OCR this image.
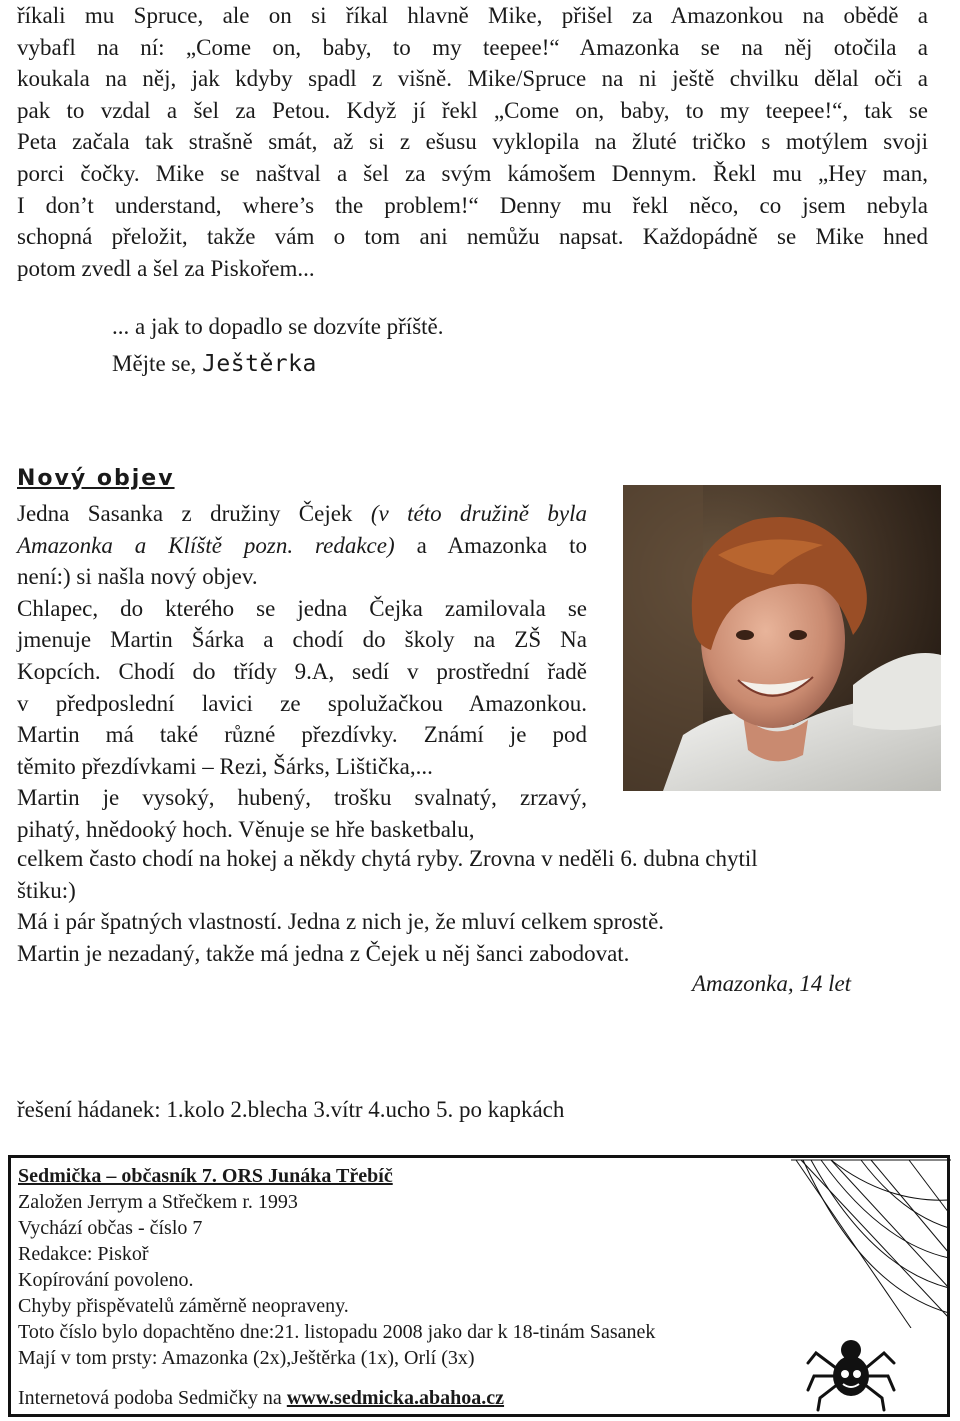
říkali mu Spruce, ale on si říkal hlavně Mike, přišel za Amazonkou na obědě a
vybafl na ní: „Come on, baby, to my teepee!“ Amazonka se na něj otočila a
koukala na něj, jak kdyby spadl z višně. Mike/Spruce na ni ještě chvilku dělal oči a
pak to vzdal a šel za Petou. Když jí řekl „Come on, baby, to my teepee!“, tak se
Peta začala tak strašně smát, až si z ešusu vyklopila na žluté tričko s motýlem svoji
porci čočky. Mike se naštval a šel za svým kámošem Dennym. Řekl mu „Hey man,
I don’t understand, where’s the problem!“ Denny mu řekl něco, co jsem nebyla
schopná přeložit, takže vám o tom ani nemůžu napsat. Každopádně se Mike hned
potom zvedl a šel za Piskořem...
... a jak to dopadlo se dozvíte příště.
Mějte se, Ještěrka
Nový objev
Jedna Sasanka z družiny Čejek (v této družině byla
Amazonka a Klíště pozn. redakce) a Amazonka to
není:) si našla nový objev.
Chlapec, do kterého se jedna Čejka zamilovala se
jmenuje Martin Šárka a chodí do školy na ZŠ Na
Kopcích. Chodí do třídy 9.A, sedí v prostřední řadě
v předposlední lavici ze spolužačkou Amazonkou.
Martin má také různé přezdívky. Známí je pod
těmito přezdívkami – Rezi, Šárks, Lištička,...
Martin je vysoký, hubený, trošku svalnatý, zrzavý,
pihatý, hnědooký hoch. Věnuje se hře basketbalu,
celkem často chodí na hokej a někdy chytá ryby. Zrovna v neděli 6. dubna chytil
štiku:)
Má i pár špatných vlastností. Jedna z nich je, že mluví celkem sprostě.
Martin je nezadaný, takže má jedna z Čejek u něj šanci zabodovat.
Amazonka, 14 let
řešení hádanek: 1.kolo 2.blecha 3.vítr 4.ucho 5. po kapkách
Sedmička – občasník 7. ORS Junáka Třebíč
Založen Jerrym a Střečkem r. 1993
Vychází občas - číslo 7
Redakce: Piskoř
Kopírování povoleno.
Chyby přispěvatelů záměrně neopraveny.
Toto číslo bylo dopachtěno dne:21. listopadu 2008 jako dar k 18-tinám Sasanek
Mají v tom prsty: Amazonka (2x),Ještěrka (1x), Orlí (3x)
Internetová podoba Sedmičky na www.sedmicka.abahoa.cz
